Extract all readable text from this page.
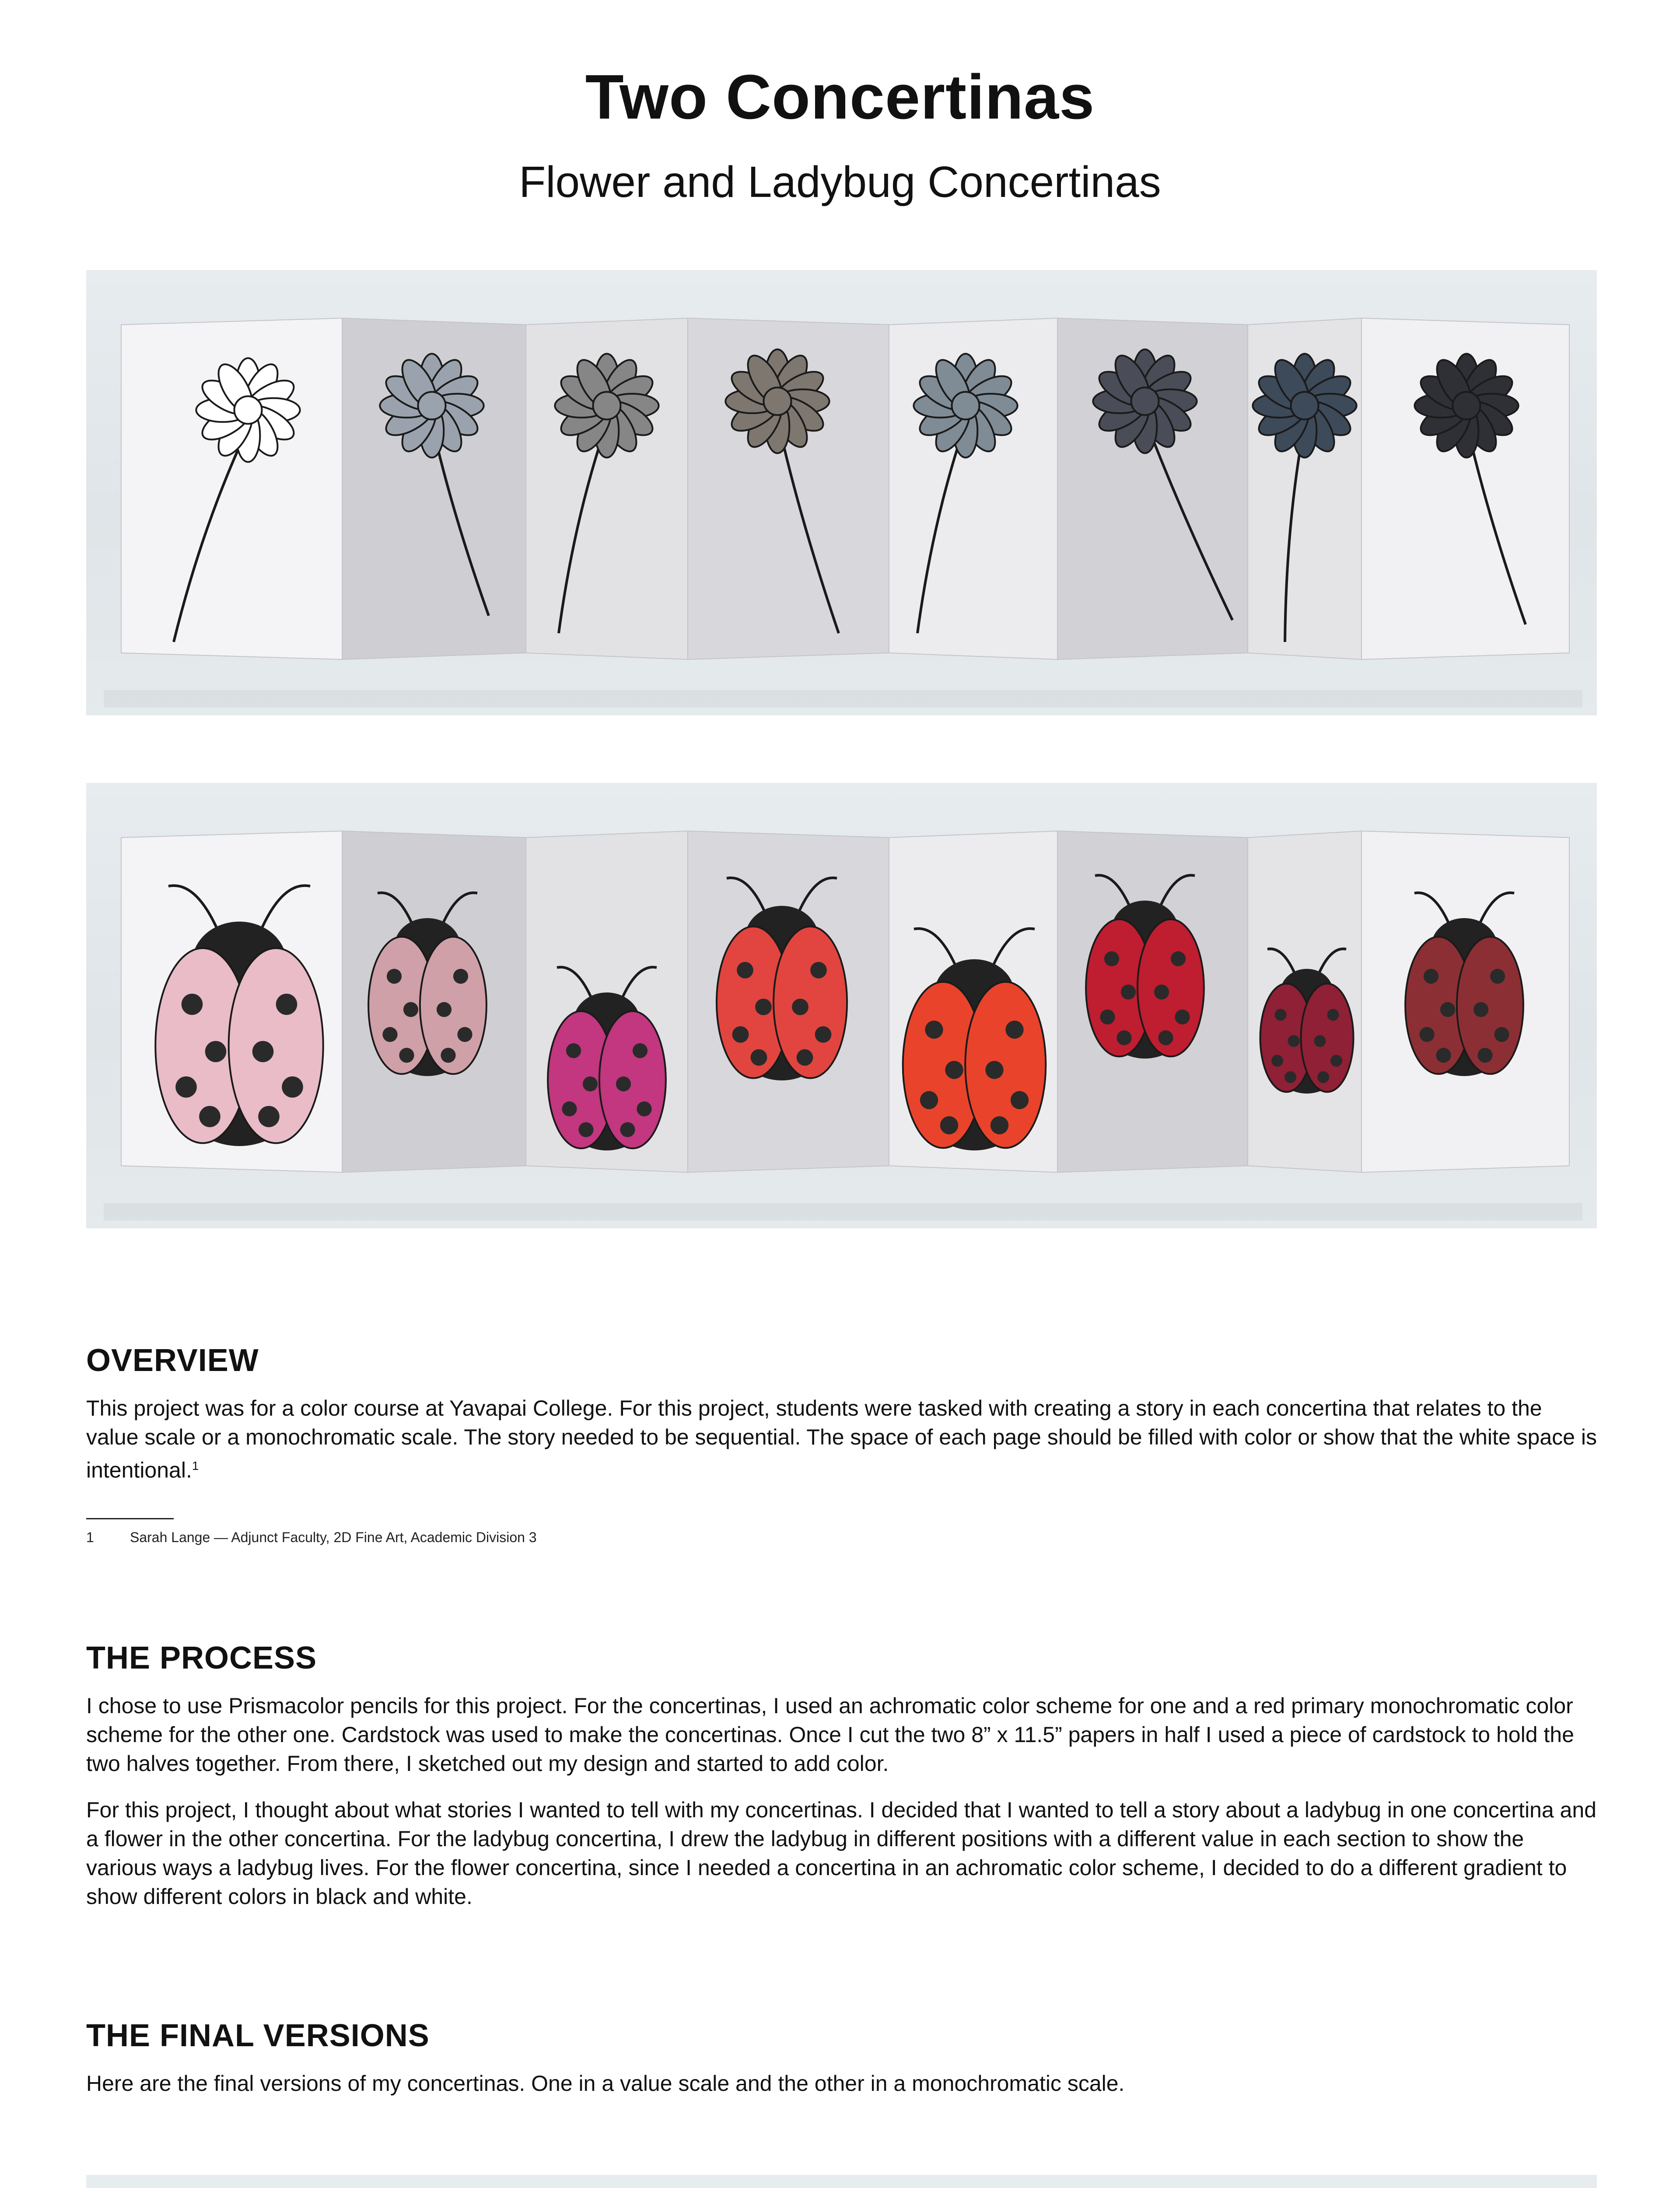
Two Concertinas

Flower and Ladybug Concertinas

OVERVIEW

This project was for a color course at Yavapai College. For this project, students were tasked with creating a story in each concertina that relates to the value scale or a monochromatic scale. The story needed to be sequential. The space of each page should be filled with color or show that the white space is intentional.$^1$

1	Sarah Lange — Adjunct Faculty, 2D Fine Art, Academic Division 3
THE PROCESS

I chose to use Prismacolor pencils for this project. For the concertinas, I used an achromatic color scheme for one and a red primary monochromatic color scheme for the other one. Cardstock was used to make the concertinas. Once I cut the two 8” x 11.5” papers in half I used a piece of cardstock to hold the two halves together. From there, I sketched out my design and started to add color.

For this project, I thought about what stories I wanted to tell with my concertinas. I decided that I wanted to tell a story about a ladybug in one concertina and a flower in the other concertina. For the ladybug concertina, I drew the ladybug in different positions with a different value in each section to show the various ways a ladybug lives. For the flower concertina, since I needed a concertina in an achromatic color scheme, I decided to do a different gradient to show different colors in black and white.

THE FINAL VERSIONS

Here are the final versions of my concertinas. One in a value scale and the other in a monochromatic scale.
